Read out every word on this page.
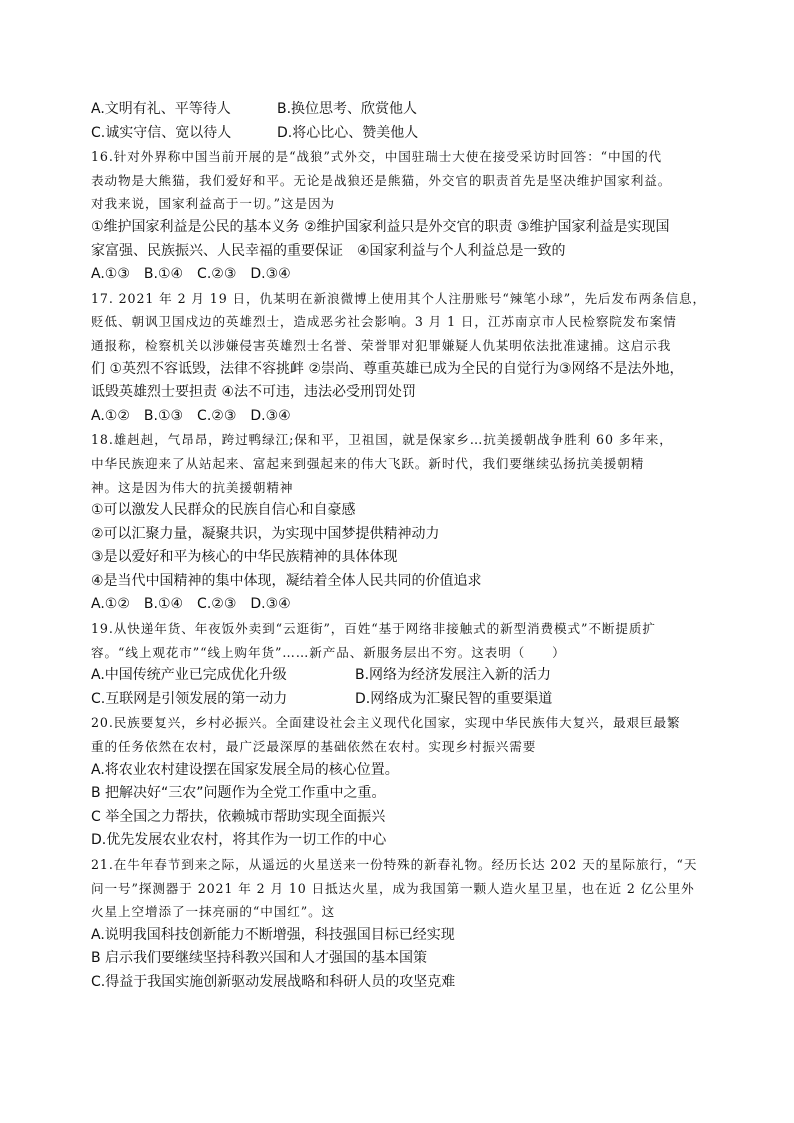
A.文明有礼、平等待人	B.换位思考、欣赏他人
C.诚实守信、宽以待人	D.将心比心、赞美他人
16.针对外界称中国当前开展的是“战狼”式外交，中国驻瑞士大使在接受采访时回答：“中国的代
表动物是大熊猫，我们爱好和平。无论是战狼还是熊猫，外交官的职责首先是坚决维护国家利益。
对我来说，国家利益高于一切。”这是因为
①维护国家利益是公民的基本义务 ②维护国家利益只是外交官的职责 ③维护国家利益是实现国
家富强、民族振兴、人民幸福的重要保证　④国家利益与个人利益总是一致的
A.①③ B.①④ C.②③ D.③④
17. 2021 年 2 月 19 日，仇某明在新浪微博上使用其个人注册账号“辣笔小球”，先后发布两条信息，
贬低、朝讽卫国戍边的英雄烈士，造成恶劣社会影响。3 月 1 日，江苏南京市人民检察院发布案情
通报称，检察机关以涉嫌侵害英雄烈士名誉、荣誉罪对犯罪嫌疑人仇某明依法批准逮捕。这启示我
们 ①英烈不容诋毁，法律不容挑衅 ②崇尚、尊重英雄已成为全民的自觉行为③网络不是法外地，
诋毁英雄烈士要担责 ④法不可违，违法必受刑罚处罚
A.①② B.①③ C.②③ D.③④
18.雄赳赳，气昂昂，跨过鸭绿江;保和平，卫祖国，就是保家乡…抗美援朝战争胜利 60 多年来，
中华民族迎来了从站起来、富起来到强起来的伟大飞跃。新时代，我们要继续弘扬抗美援朝精
神。这是因为伟大的抗美援朝精神
①可以激发人民群众的民族自信心和自豪感
②可以汇聚力量，凝聚共识，为实现中国梦提供精神动力
③是以爱好和平为核心的中华民族精神的具体体现
④是当代中国精神的集中体现，凝结着全体人民共同的价值追求
A.①② B.①④ C.②③ D.③④
19.从快递年货、年夜饭外卖到“云逛街”，百姓“基于网络非接触式的新型消费模式”不断提质扩
容。“线上观花市”“线上购年货”……新产品、新服务层出不穷。这表明（　　）
A.中国传统产业已完成优化升级	B.网络为经济发展注入新的活力
C.互联网是引领发展的第一动力	D.网络成为汇聚民智的重要渠道
20.民族要复兴，乡村必振兴。全面建设社会主义现代化国家，实现中华民族伟大复兴，最艰巨最繁
重的任务依然在农村，最广泛最深厚的基础依然在农村。实现乡村振兴需要
A.将农业农村建设摆在国家发展全局的核心位置。
B 把解决好“三农”问题作为全党工作重中之重。
C 举全国之力帮扶，依赖城市帮助实现全面振兴
D.优先发展农业农村，将其作为一切工作的中心
21.在牛年春节到来之际，从遥远的火星送来一份特殊的新春礼物。经历长达 202 天的星际旅行，“天
问一号”探测器于 2021 年 2 月 10 日抵达火星，成为我国第一颗人造火星卫星，也在近 2 亿公里外
火星上空增添了一抹亮丽的“中国红”。这
A.说明我国科技创新能力不断增强，科技强国目标已经实现
B 启示我们要继续坚持科教兴国和人才强国的基本国策
C.得益于我国实施创新驱动发展战略和科研人员的攻坚克难
